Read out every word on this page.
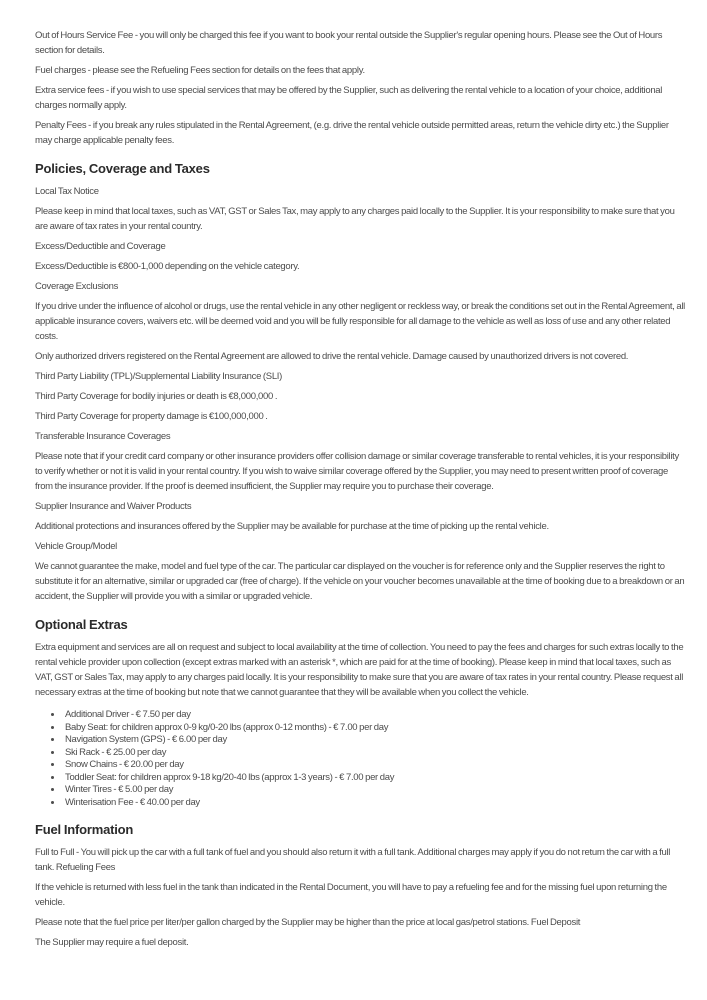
Out of Hours Service Fee - you will only be charged this fee if you want to book your rental outside the Supplier's regular opening hours. Please see the Out of Hours section for details.

Fuel charges - please see the Refueling Fees section for details on the fees that apply.

Extra service fees - if you wish to use special services that may be offered by the Supplier, such as delivering the rental vehicle to a location of your choice, additional charges normally apply.

Penalty Fees - if you break any rules stipulated in the Rental Agreement, (e.g. drive the rental vehicle outside permitted areas, return the vehicle dirty etc.) the Supplier may charge applicable penalty fees.

Policies, Coverage and Taxes

Local Tax Notice

Please keep in mind that local taxes, such as VAT, GST or Sales Tax, may apply to any charges paid locally to the Supplier. It is your responsibility to make sure that you are aware of tax rates in your rental country.

Excess/Deductible and Coverage

Excess/Deductible is €800-1,000 depending on the vehicle category.

Coverage Exclusions

If you drive under the influence of alcohol or drugs, use the rental vehicle in any other negligent or reckless way, or break the conditions set out in the Rental Agreement, all applicable insurance covers, waivers etc. will be deemed void and you will be fully responsible for all damage to the vehicle as well as loss of use and any other related costs.

Only authorized drivers registered on the Rental Agreement are allowed to drive the rental vehicle. Damage caused by unauthorized drivers is not covered.

Third Party Liability (TPL)/Supplemental Liability Insurance (SLI)

Third Party Coverage for bodily injuries or death is €8,000,000 .

Third Party Coverage for property damage is €100,000,000 .

Transferable Insurance Coverages

Please note that if your credit card company or other insurance providers offer collision damage or similar coverage transferable to rental vehicles, it is your responsibility to verify whether or not it is valid in your rental country. If you wish to waive similar coverage offered by the Supplier, you may need to present written proof of coverage from the insurance provider. If the proof is deemed insufficient, the Supplier may require you to purchase their coverage.

Supplier Insurance and Waiver Products

Additional protections and insurances offered by the Supplier may be available for purchase at the time of picking up the rental vehicle.

Vehicle Group/Model

We cannot guarantee the make, model and fuel type of the car. The particular car displayed on the voucher is for reference only and the Supplier reserves the right to substitute it for an alternative, similar or upgraded car (free of charge). If the vehicle on your voucher becomes unavailable at the time of booking due to a breakdown or an accident, the Supplier will provide you with a similar or upgraded vehicle.

Optional Extras

Extra equipment and services are all on request and subject to local availability at the time of collection. You need to pay the fees and charges for such extras locally to the rental vehicle provider upon collection (except extras marked with an asterisk *, which are paid for at the time of booking). Please keep in mind that local taxes, such as VAT, GST or Sales Tax, may apply to any charges paid locally. It is your responsibility to make sure that you are aware of tax rates in your rental country. Please request all necessary extras at the time of booking but note that we cannot guarantee that they will be available when you collect the vehicle.

• Additional Driver - € 7.50 per day
• Baby Seat: for children approx 0-9 kg/0-20 lbs (approx 0-12 months) - € 7.00 per day
• Navigation System (GPS) - € 6.00 per day
• Ski Rack - € 25.00 per day
• Snow Chains - € 20.00 per day
• Toddler Seat: for children approx 9-18 kg/20-40 lbs (approx 1-3 years) - € 7.00 per day
• Winter Tires - € 5.00 per day
• Winterisation Fee - € 40.00 per day
Fuel Information

Full to Full - You will pick up the car with a full tank of fuel and you should also return it with a full tank. Additional charges may apply if you do not return the car with a full tank. Refueling Fees

If the vehicle is returned with less fuel in the tank than indicated in the Rental Document, you will have to pay a refueling fee and for the missing fuel upon returning the vehicle.

Please note that the fuel price per liter/per gallon charged by the Supplier may be higher than the price at local gas/petrol stations. Fuel Deposit

The Supplier may require a fuel deposit.
